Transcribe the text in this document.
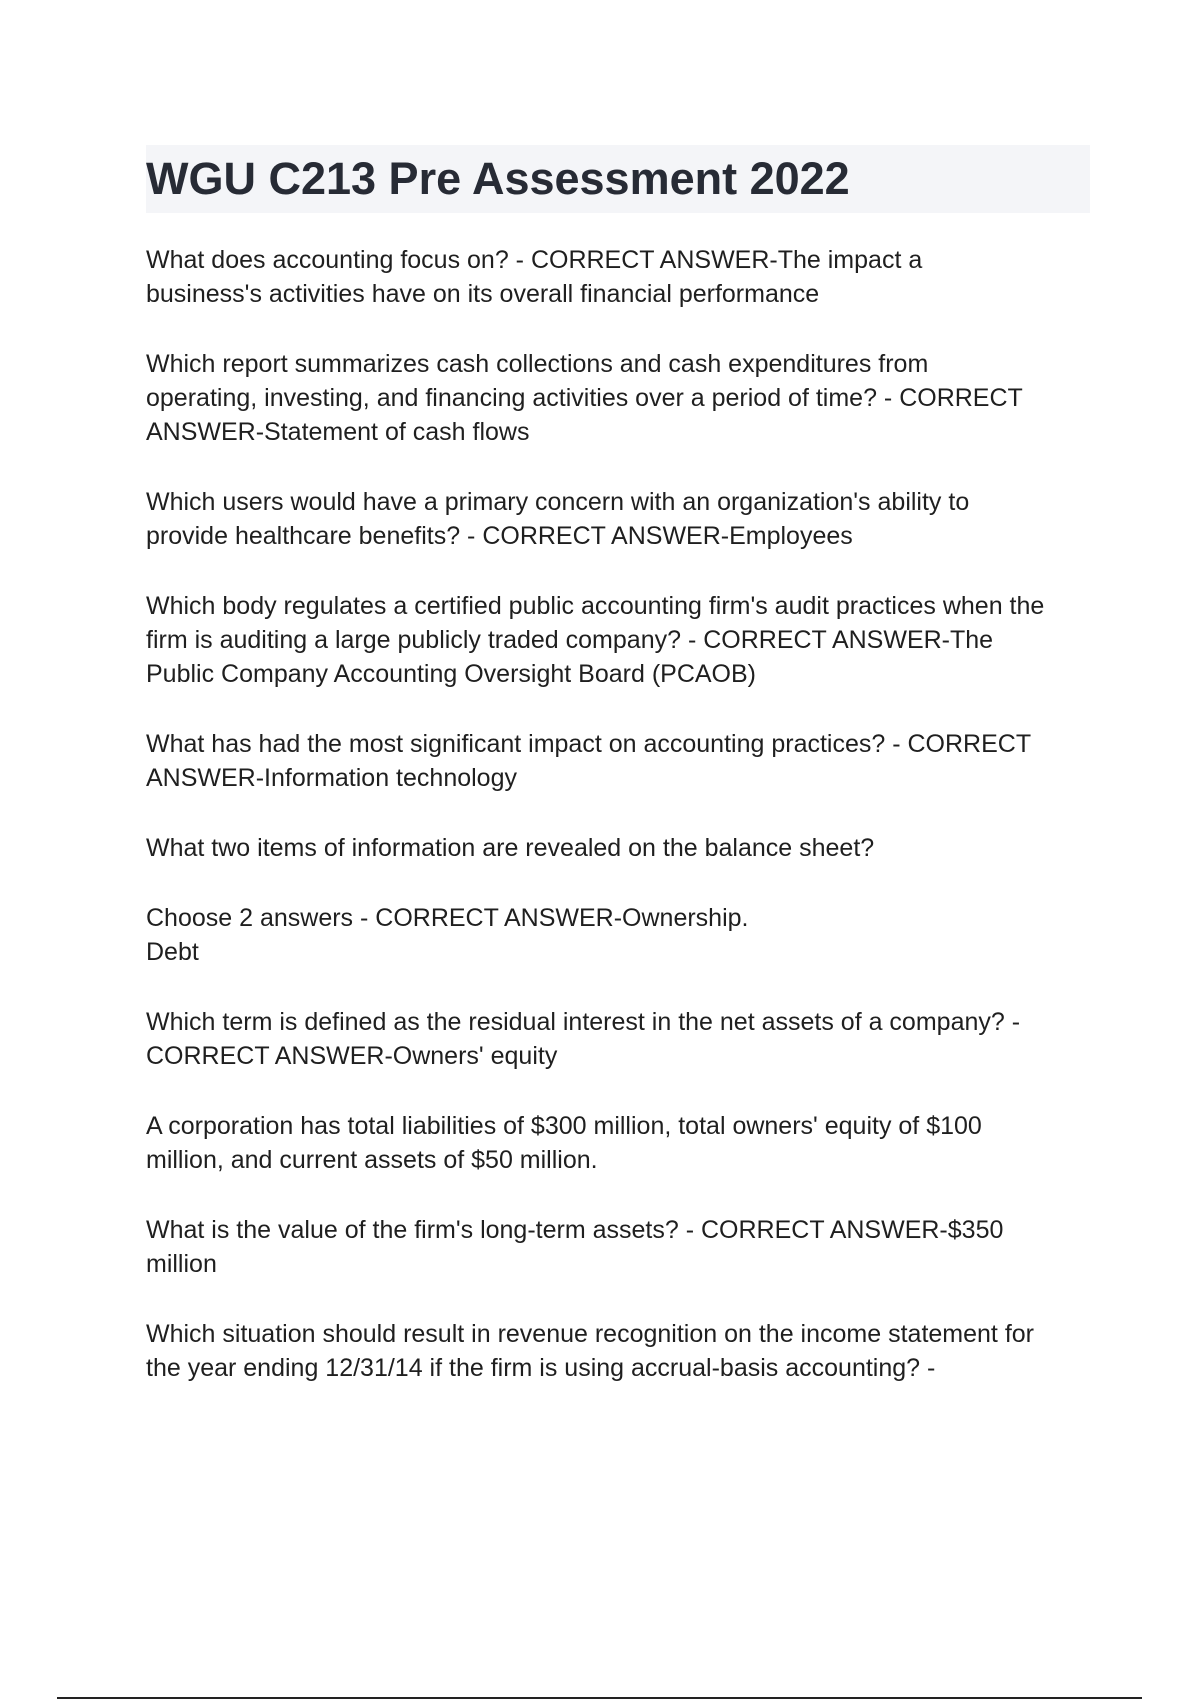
WGU C213 Pre Assessment 2022

What does accounting focus on? - CORRECT ANSWER-The impact a
business's activities have on its overall financial performance

Which report summarizes cash collections and cash expenditures from
operating, investing, and financing activities over a period of time? - CORRECT
ANSWER-Statement of cash flows

Which users would have a primary concern with an organization's ability to
provide healthcare benefits? - CORRECT ANSWER-Employees

Which body regulates a certified public accounting firm's audit practices when the
firm is auditing a large publicly traded company? - CORRECT ANSWER-The
Public Company Accounting Oversight Board (PCAOB)

What has had the most significant impact on accounting practices? - CORRECT
ANSWER-Information technology

What two items of information are revealed on the balance sheet?

Choose 2 answers - CORRECT ANSWER-Ownership.
Debt

Which term is defined as the residual interest in the net assets of a company? -
CORRECT ANSWER-Owners' equity

A corporation has total liabilities of $300 million, total owners' equity of $100
million, and current assets of $50 million.

What is the value of the firm's long-term assets? - CORRECT ANSWER-$350
million

Which situation should result in revenue recognition on the income statement for
the year ending 12/31/14 if the firm is using accrual-basis accounting? -
